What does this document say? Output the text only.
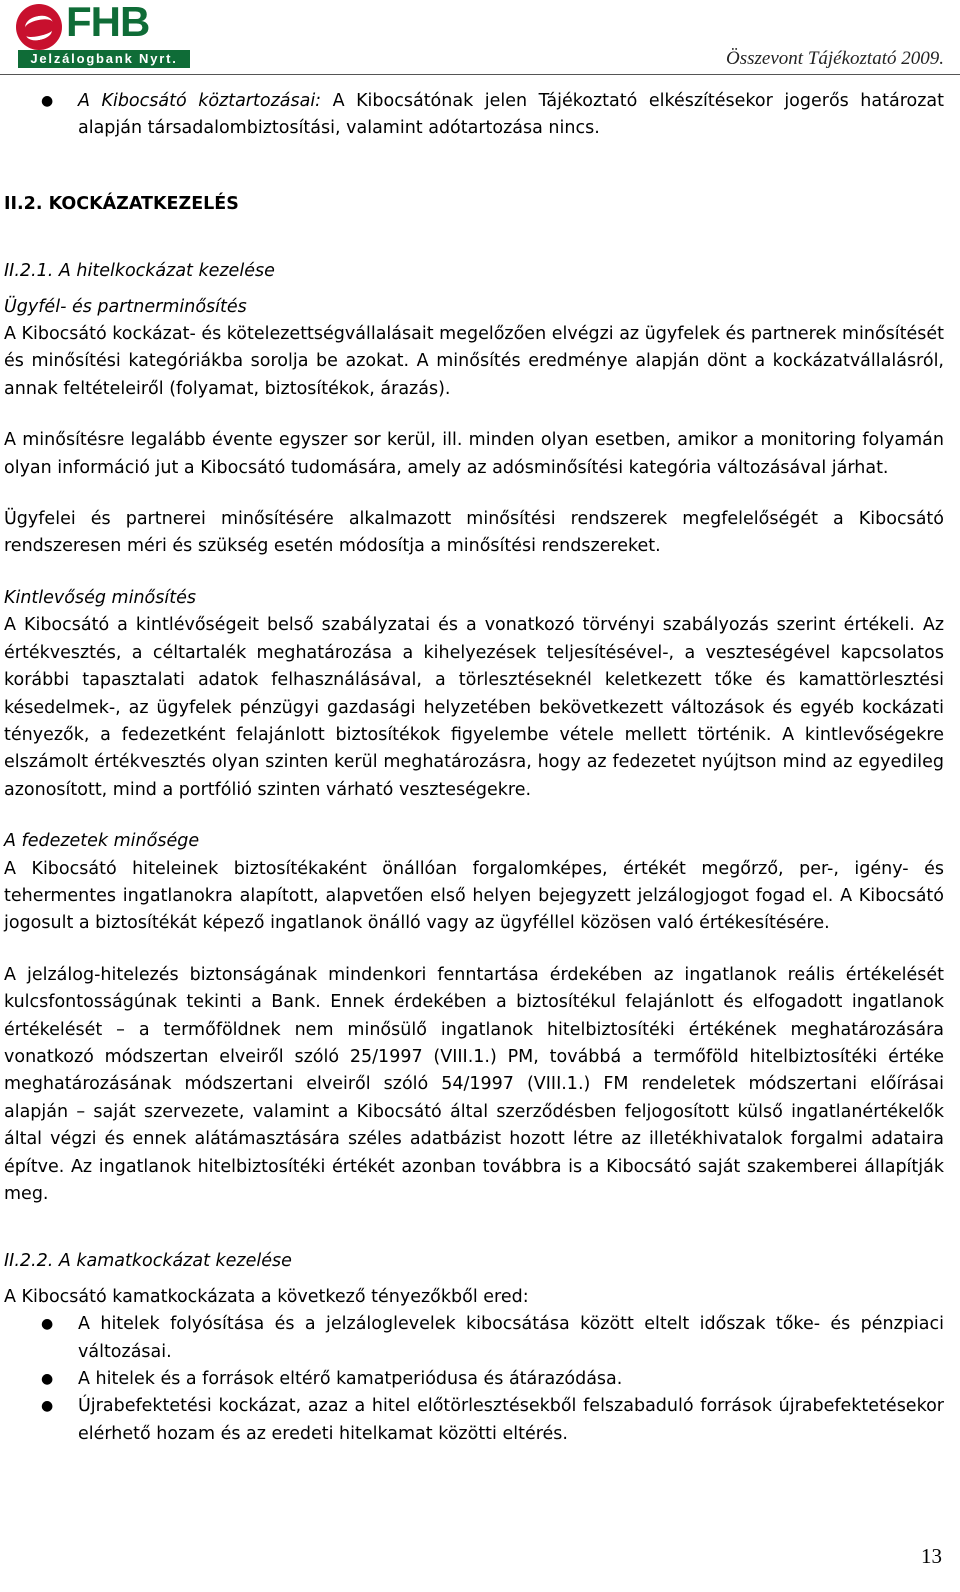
FHB
Jelzálogbank Nyrt.	Összevont Tájékoztató 2009.
● A Kibocsátó köztartozásai: A Kibocsátónak jelen Tájékoztató elkészítésekor jogerős határozat alapján társadalombiztosítási, valamint adótartozása nincs.

II.2. KOCKÁZATKEZELÉS

II.2.1. A hitelkockázat kezelése

Ügyfél- és partnerminősítés

A Kibocsátó kockázat- és kötelezettségvállalásait megelőzően elvégzi az ügyfelek és partnerek minősítését és minősítési kategóriákba sorolja be azokat. A minősítés eredménye alapján dönt a kockázatvállalásról, annak feltételeiről (folyamat, biztosítékok, árazás).

A minősítésre legalább évente egyszer sor kerül, ill. minden olyan esetben, amikor a monitoring folyamán olyan információ jut a Kibocsátó tudomására, amely az adósminősítési kategória változásával járhat.

Ügyfelei és partnerei minősítésére alkalmazott minősítési rendszerek megfelelőségét a Kibocsátó rendszeresen méri és szükség esetén módosítja a minősítési rendszereket.

Kintlevőség minősítés

A Kibocsátó a kintlévőségeit belső szabályzatai és a vonatkozó törvényi szabályozás szerint értékeli. Az értékvesztés, a céltartalék meghatározása a kihelyezések teljesítésével-, a veszteségével kapcsolatos korábbi tapasztalati adatok felhasználásával, a törlesztéseknél keletkezett tőke és kamattörlesztési késedelmek-, az ügyfelek pénzügyi gazdasági helyzetében bekövetkezett változások és egyéb kockázati tényezők, a fedezetként felajánlott biztosítékok figyelembe vétele mellett történik. A kintlevőségekre elszámolt értékvesztés olyan szinten kerül meghatározásra, hogy az fedezetet nyújtson mind az egyedileg azonosított, mind a portfólió szinten várható veszteségekre.

A fedezetek minősége

A Kibocsátó hiteleinek biztosítékaként önállóan forgalomképes, értékét megőrző, per-, igény- és tehermentes ingatlanokra alapított, alapvetően első helyen bejegyzett jelzálogjogot fogad el. A Kibocsátó jogosult a biztosítékát képező ingatlanok önálló vagy az ügyféllel közösen való értékesítésére.

A jelzálog-hitelezés biztonságának mindenkori fenntartása érdekében az ingatlanok reális értékelését kulcsfontosságúnak tekinti a Bank. Ennek érdekében a biztosítékul felajánlott és elfogadott ingatlanok értékelését – a termőföldnek nem minősülő ingatlanok hitelbiztosítéki értékének meghatározására vonatkozó módszertan elveiről szóló 25/1997 (VIII.1.) PM, továbbá a termőföld hitelbiztosítéki értéke meghatározásának módszertani elveiről szóló 54/1997 (VIII.1.) FM rendeletek módszertani előírásai alapján – saját szervezete, valamint a Kibocsátó által szerződésben feljogosított külső ingatlanértékelők által végzi és ennek alátámasztására széles adatbázist hozott létre az illetékhivatalok forgalmi adataira építve. Az ingatlanok hitelbiztosítéki értékét azonban továbbra is a Kibocsátó saját szakemberei állapítják meg.

II.2.2. A kamatkockázat kezelése

A Kibocsátó kamatkockázata a következő tényezőkből ered:

● A hitelek folyósítása és a jelzáloglevelek kibocsátása között eltelt időszak tőke- és pénzpiaci változásai.
● A hitelek és a források eltérő kamatperiódusa és átárazódása.
● Újrabefektetési kockázat, azaz a hitel előtörlesztésekből felszabaduló források újrabefektetésekor elérhető hozam és az eredeti hitelkamat közötti eltérés.
13
